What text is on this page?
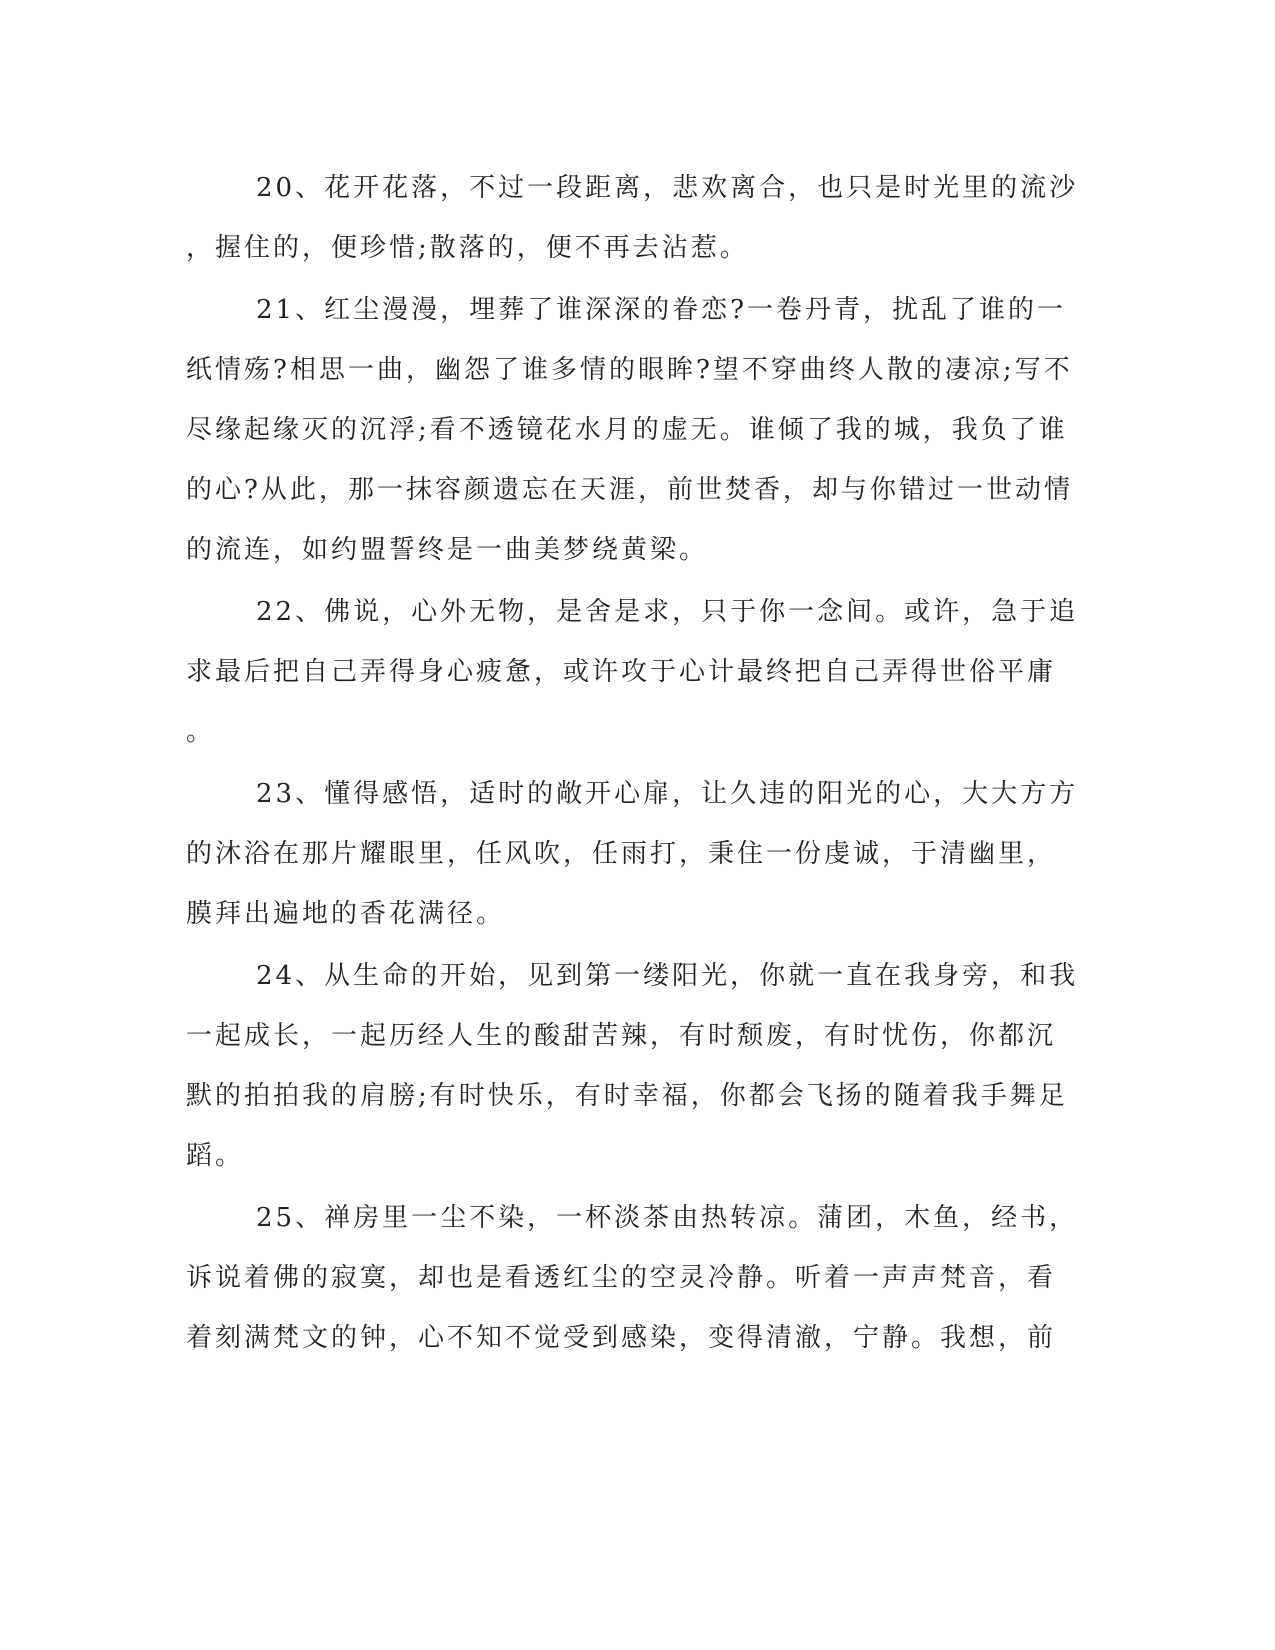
20、花开花落，不过一段距离，悲欢离合，也只是时光里的流沙
，握住的，便珍惜;散落的，便不再去沾惹。
21、红尘漫漫，埋葬了谁深深的眷恋?一卷丹青，扰乱了谁的一
纸情殇?相思一曲，幽怨了谁多情的眼眸?望不穿曲终人散的凄凉;写不
尽缘起缘灭的沉浮;看不透镜花水月的虚无。谁倾了我的城，我负了谁
的心?从此，那一抹容颜遗忘在天涯，前世焚香，却与你错过一世动情
的流连，如约盟誓终是一曲美梦绕黄梁。
22、佛说，心外无物，是舍是求，只于你一念间。或许，急于追
求最后把自己弄得身心疲惫，或许攻于心计最终把自己弄得世俗平庸
。
23、懂得感悟，适时的敞开心扉，让久违的阳光的心，大大方方
的沐浴在那片耀眼里，任风吹，任雨打，秉住一份虔诚，于清幽里，
膜拜出遍地的香花满径。
24、从生命的开始，见到第一缕阳光，你就一直在我身旁，和我
一起成长，一起历经人生的酸甜苦辣，有时颓废，有时忧伤，你都沉
默的拍拍我的肩膀;有时快乐，有时幸福，你都会飞扬的随着我手舞足
蹈。
25、禅房里一尘不染，一杯淡茶由热转凉。蒲团，木鱼，经书，
诉说着佛的寂寞，却也是看透红尘的空灵冷静。听着一声声梵音，看
着刻满梵文的钟，心不知不觉受到感染，变得清澈，宁静。我想，前
